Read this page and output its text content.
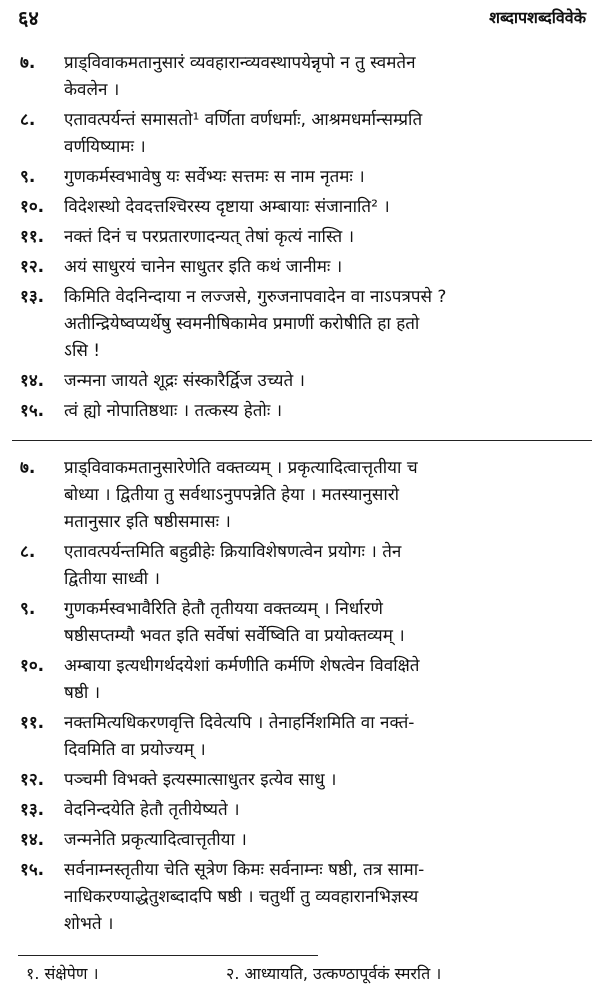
६४	शब्दापशब्दविवेके
७.	प्राड्विवाकमतानुसारं व्यवहारान्व्यवस्थापयेन्नृपो न तु स्वमतेन
केवलेन ।
८.	एतावत्पर्यन्तं समासतो¹ वर्णिता वर्णधर्माः, आश्रमधर्मान्सम्प्रति
वर्णयिष्यामः ।
९.	गुणकर्मस्वभावेषु यः सर्वेभ्यः सत्तमः स नाम नृतमः ।
१०.	विदेशस्थो देवदत्तश्चिरस्य दृष्टाया अम्बायाः संजानाति² ।
११.	नक्तं दिनं च परप्रतारणादन्यत् तेषां कृत्यं नास्ति ।
१२.	अयं साधुरयं चानेन साधुतर इति कथं जानीमः ।
१३.	किमिति वेदनिन्दाया न लज्जसे, गुरुजनापवादेन वा नाऽपत्रपसे ?
अतीन्द्रियेष्वप्यर्थेषु स्वमनीषिकामेव प्रमाणीं करोषीति हा हतो
ऽसि !
१४.	जन्मना जायते शूद्रः संस्कारैर्द्विज उच्यते ।
१५.	त्वं ह्यो नोपातिष्ठथाः । तत्कस्य हेतोः ।
७.	प्राड्विवाकमतानुसारेणेति वक्तव्यम् । प्रकृत्यादित्वात्तृतीया च
बोध्या । द्वितीया तु सर्वथाऽनुपपन्नेति हेया । मतस्यानुसारो
मतानुसार इति षष्ठीसमासः ।
८.	एतावत्पर्यन्तमिति बहुव्रीहेः क्रियाविशेषणत्वेन प्रयोगः । तेन
द्वितीया साध्वी ।
९.	गुणकर्मस्वभावैरिति हेतौ तृतीयया वक्तव्यम् । निर्धारणे
षष्ठीसप्तम्यौ भवत इति सर्वेषां सर्वेष्विति वा प्रयोक्तव्यम् ।
१०.	अम्बाया इत्यधीगर्थदयेशां कर्मणीति कर्मणि शेषत्वेन विवक्षिते
षष्ठी ।
११.	नक्तमित्यधिकरणवृत्ति दिवेत्यपि । तेनाहर्निशमिति वा नक्तं-
दिवमिति वा प्रयोज्यम् ।
१२.	पञ्चमी विभक्ते इत्यस्मात्साधुतर इत्येव साधु ।
१३.	वेदनिन्दयेति हेतौ तृतीयेष्यते ।
१४.	जन्मनेति प्रकृत्यादित्वात्तृतीया ।
१५.	सर्वनाम्नस्तृतीया चेति सूत्रेण किमः सर्वनाम्नः षष्ठी, तत्र सामा-
नाधिकरण्याद्धेतुशब्दादपि षष्ठी । चतुर्थी तु व्यवहारानभिज्ञस्य
शोभते ।
१. संक्षेपेण ।	२. आध्यायति, उत्कण्ठापूर्वकं स्मरति ।
